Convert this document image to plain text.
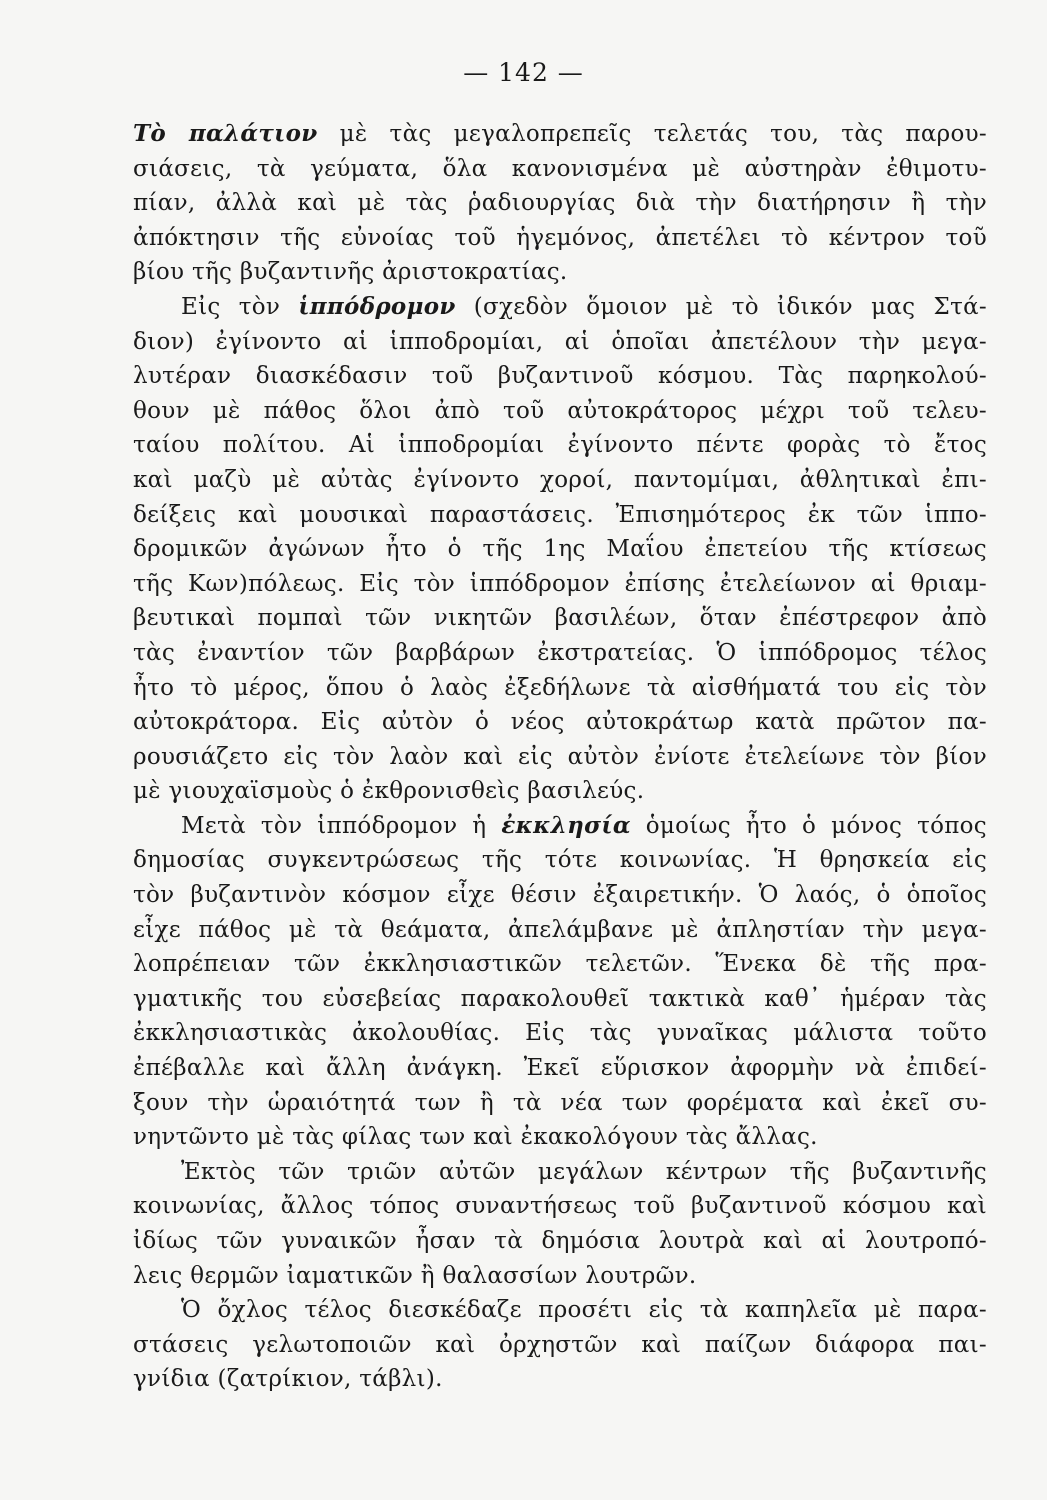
— 142 —
Τὸ παλάτιον μὲ τὰς μεγαλοπρεπεῖς τελετάς του, τὰς παρου-
σιάσεις, τὰ γεύματα, ὅλα κανονισμένα μὲ αὐστηρὰν ἐθιμοτυ-
πίαν, ἀλλὰ καὶ μὲ τὰς ῥαδιουργίας διὰ τὴν διατήρησιν ἢ τὴν
ἀπόκτησιν τῆς εὐνοίας τοῦ ἡγεμόνος, ἀπετέλει τὸ κέντρον τοῦ
βίου τῆς βυζαντινῆς ἀριστοκρατίας.
Εἰς τὸν ἱππόδρομον (σχεδὸν ὅμοιον μὲ τὸ ἰδικόν μας Στά-
διον) ἐγίνοντο αἱ ἱπποδρομίαι, αἱ ὁποῖαι ἀπετέλουν τὴν μεγα-
λυτέραν διασκέδασιν τοῦ βυζαντινοῦ κόσμου. Τὰς παρηκολού-
θουν μὲ πάθος ὅλοι ἀπὸ τοῦ αὐτοκράτορος μέχρι τοῦ τελευ-
ταίου πολίτου. Αἱ ἱπποδρομίαι ἐγίνοντο πέντε φορὰς τὸ ἔτος
καὶ μαζὺ μὲ αὐτὰς ἐγίνοντο χοροί, παντομίμαι, ἀθλητικαὶ ἐπι-
δείξεις καὶ μουσικαὶ παραστάσεις. Ἐπισημότερος ἐκ τῶν ἱππο-
δρομικῶν ἀγώνων ἦτο ὁ τῆς 1ης Μαΐου ἐπετείου τῆς κτίσεως
τῆς Κων)πόλεως. Εἰς τὸν ἱππόδρομον ἐπίσης ἐτελείωνον αἱ θριαμ-
βευτικαὶ πομπαὶ τῶν νικητῶν βασιλέων, ὅταν ἐπέστρεφον ἀπὸ
τὰς ἐναντίον τῶν βαρβάρων ἐκστρατείας. Ὁ ἱππόδρομος τέλος
ἦτο τὸ μέρος, ὅπου ὁ λαὸς ἐξεδήλωνε τὰ αἰσθήματά του εἰς τὸν
αὐτοκράτορα. Εἰς αὐτὸν ὁ νέος αὐτοκράτωρ κατὰ πρῶτον πα-
ρουσιάζετο εἰς τὸν λαὸν καὶ εἰς αὐτὸν ἐνίοτε ἐτελείωνε τὸν βίον
μὲ γιουχαϊσμοὺς ὁ ἐκθρονισθεὶς βασιλεύς.
Μετὰ τὸν ἱππόδρομον ἡ ἐκκλησία ὁμοίως ἦτο ὁ μόνος τόπος
δημοσίας συγκεντρώσεως τῆς τότε κοινωνίας. Ἡ θρησκεία εἰς
τὸν βυζαντινὸν κόσμον εἶχε θέσιν ἐξαιρετικήν. Ὁ λαός, ὁ ὁποῖος
εἶχε πάθος μὲ τὰ θεάματα, ἀπελάμβανε μὲ ἀπληστίαν τὴν μεγα-
λοπρέπειαν τῶν ἐκκλησιαστικῶν τελετῶν. Ἕνεκα δὲ τῆς πρα-
γματικῆς του εὐσεβείας παρακολουθεῖ τακτικὰ καθ᾽ ἡμέραν τὰς
ἐκκλησιαστικὰς ἀκολουθίας. Εἰς τὰς γυναῖκας μάλιστα τοῦτο
ἐπέβαλλε καὶ ἄλλη ἀνάγκη. Ἐκεῖ εὕρισκον ἀφορμὴν νὰ ἐπιδεί-
ξουν τὴν ὡραιότητά των ἢ τὰ νέα των φορέματα καὶ ἐκεῖ συ-
νηντῶντο μὲ τὰς φίλας των καὶ ἐκακολόγουν τὰς ἄλλας.
Ἐκτὸς τῶν τριῶν αὐτῶν μεγάλων κέντρων τῆς βυζαντινῆς
κοινωνίας, ἄλλος τόπος συναντήσεως τοῦ βυζαντινοῦ κόσμου καὶ
ἰδίως τῶν γυναικῶν ἦσαν τὰ δημόσια λουτρὰ καὶ αἱ λουτροπό-
λεις θερμῶν ἰαματικῶν ἢ θαλασσίων λουτρῶν.
Ὁ ὄχλος τέλος διεσκέδαζε προσέτι εἰς τὰ καπηλεῖα μὲ παρα-
στάσεις γελωτοποιῶν καὶ ὀρχηστῶν καὶ παίζων διάφορα παι-
γνίδια (ζατρίκιον, τάβλι).
